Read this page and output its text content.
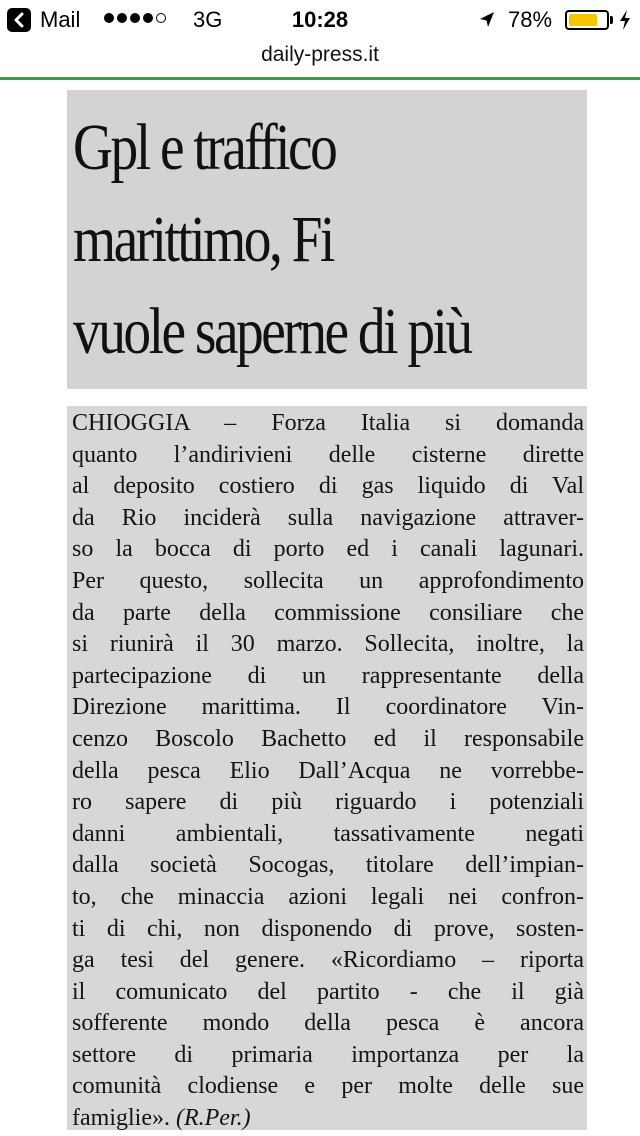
Mail	3G	10:28	78%
daily-press.it
Gpl e traffico
marittimo, Fi
vuole saperne di più
CHIOGGIA – Forza Italia si domanda
quanto l’andirivieni delle cisterne dirette
al deposito costiero di gas liquido di Val
da Rio inciderà sulla navigazione attraver-
so la bocca di porto ed i canali lagunari.
Per questo, sollecita un approfondimento
da parte della commissione consiliare che
si riunirà il 30 marzo. Sollecita, inoltre, la
partecipazione di un rappresentante della
Direzione marittima. Il coordinatore Vin-
cenzo Boscolo Bachetto ed il responsabile
della pesca Elio Dall’Acqua ne vorrebbe-
ro sapere di più riguardo i potenziali
danni ambientali, tassativamente negati
dalla società Socogas, titolare dell’impian-
to, che minaccia azioni legali nei confron-
ti di chi, non disponendo di prove, sosten-
ga tesi del genere. «Ricordiamo – riporta
il comunicato del partito - che il già
sofferente mondo della pesca è ancora
settore di primaria importanza per la
comunità clodiense e per molte delle sue
famiglie». (R.Per.)
